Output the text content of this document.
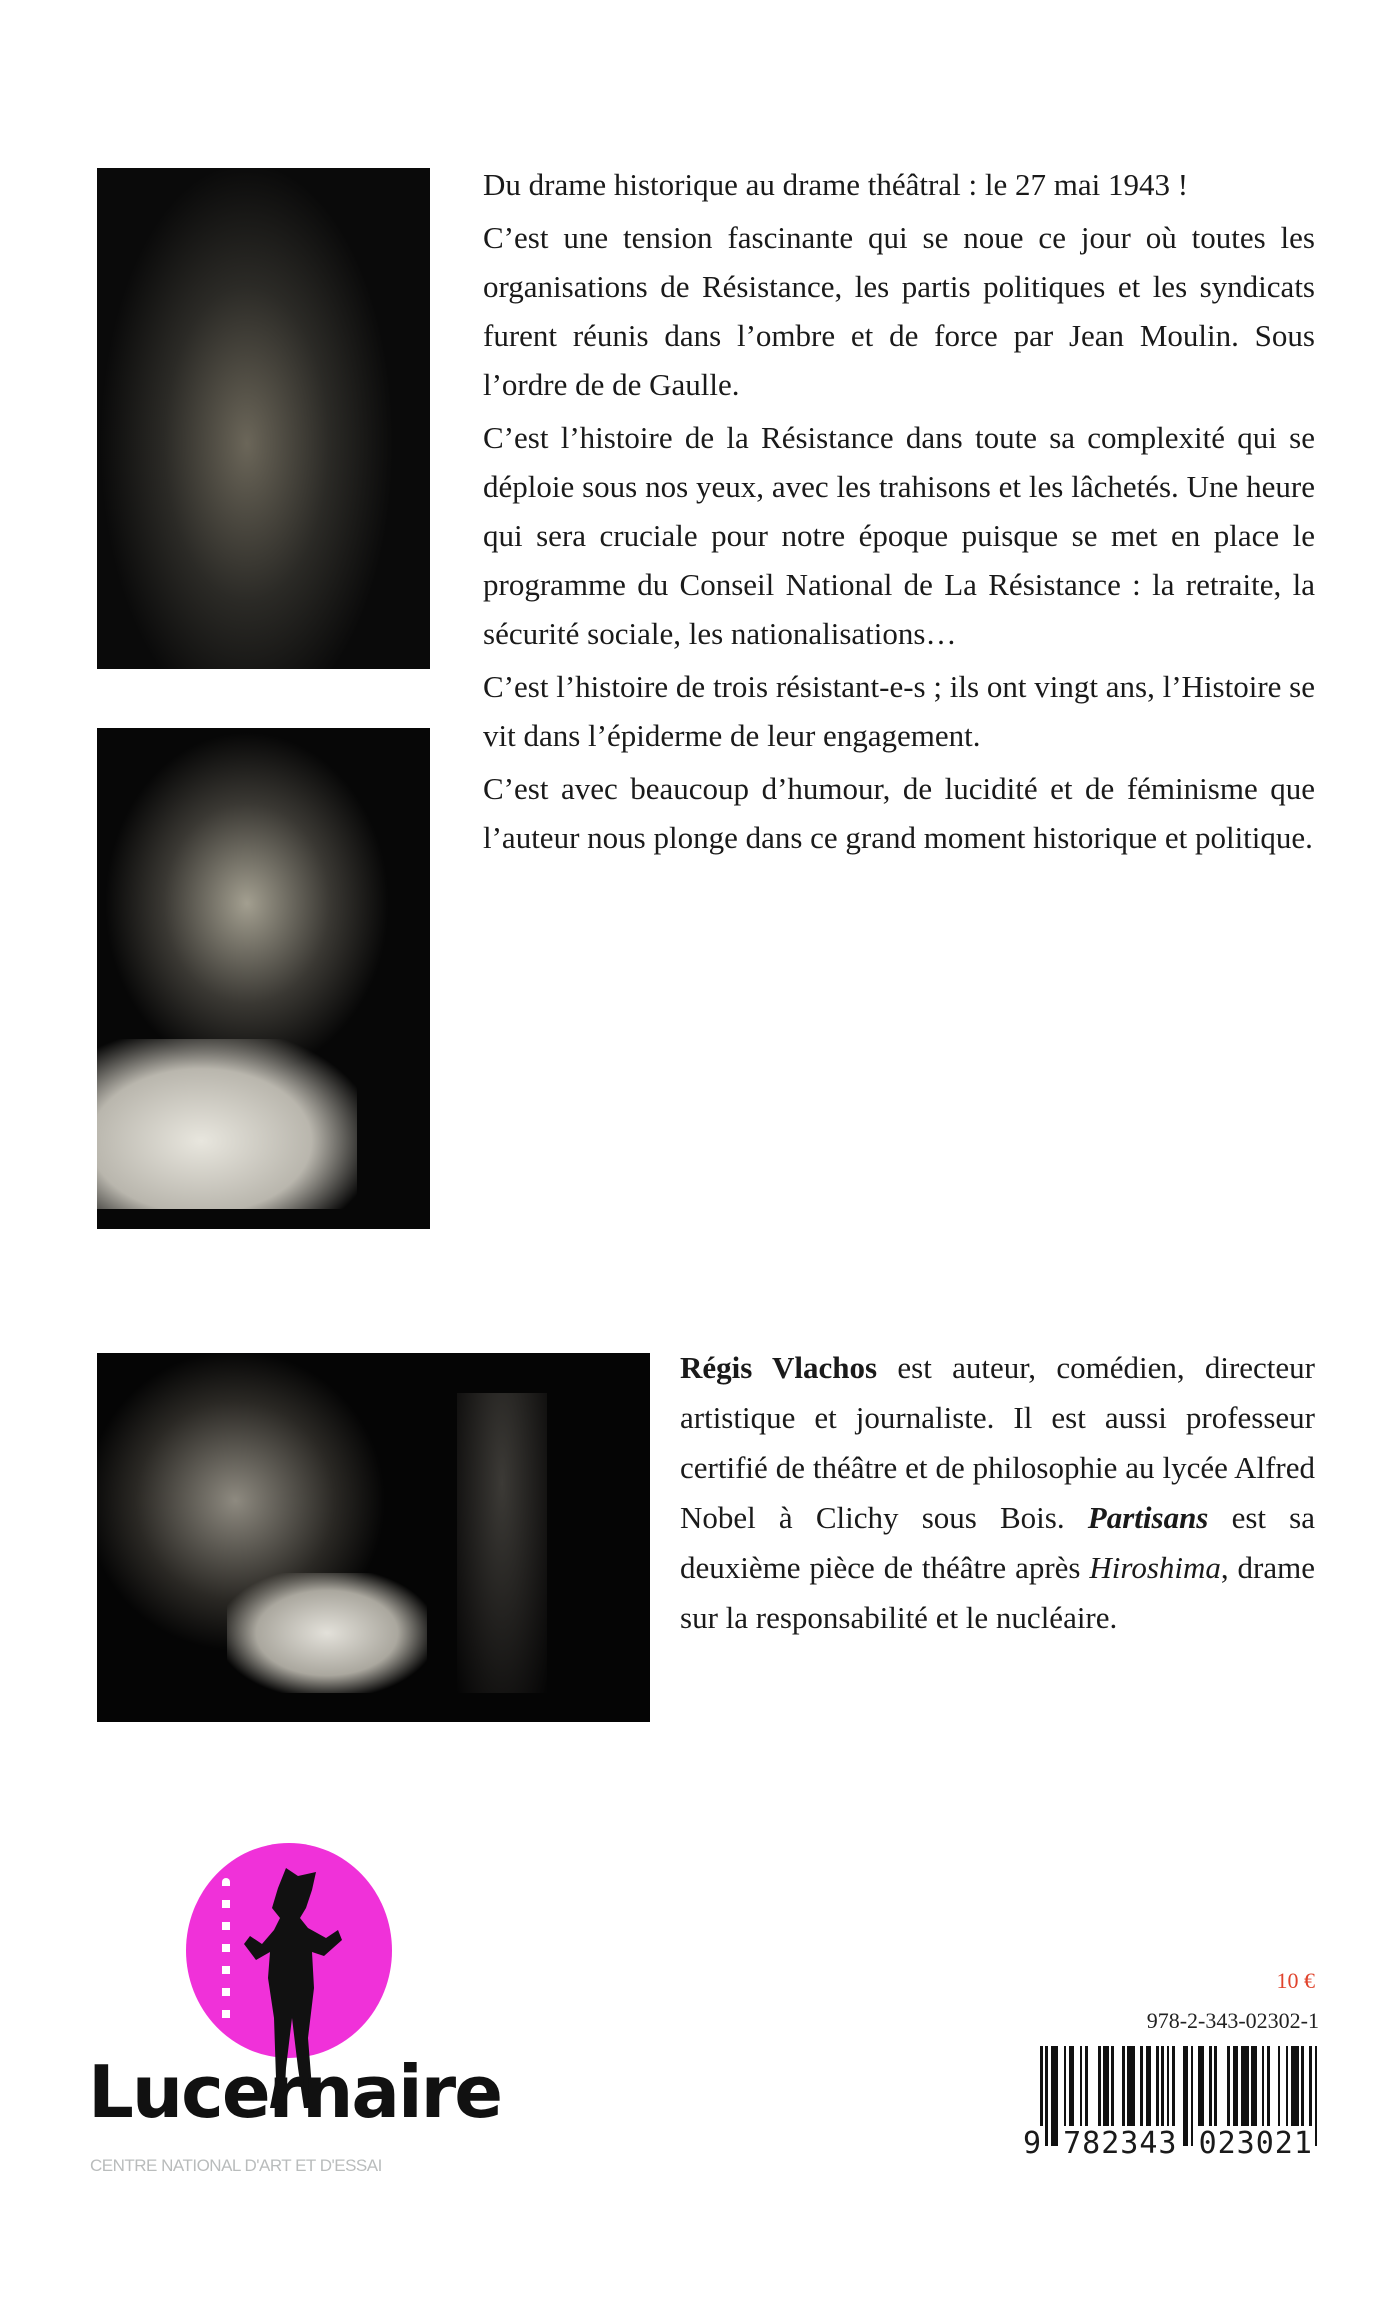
Du drame historique au drame théâtral : le 27 mai 1943 !

C’est une tension fascinante qui se noue ce jour où toutes les organisations de Résistance, les partis politiques et les syndicats furent réunis dans l’ombre et de force par Jean Moulin. Sous l’ordre de de Gaulle.

C’est l’histoire de la Résistance dans toute sa complexité qui se déploie sous nos yeux, avec les trahisons et les lâchetés. Une heure qui sera cruciale pour notre époque puisque se met en place le programme du Conseil National de La Résistance : la retraite, la sécurité sociale, les nationalisations…

C’est l’histoire de trois résistant-e-s ; ils ont vingt ans, l’Histoire se vit dans l’épiderme de leur engagement.

C’est avec beaucoup d’humour, de lucidité et de féminisme que l’auteur nous plonge dans ce grand moment historique et politique.

Régis Vlachos est auteur, comédien, directeur artistique et journaliste. Il est aussi professeur certifié de théâtre et de philosophie au lycée Alfred Nobel à Clichy sous Bois. Partisans est sa deuxième pièce de théâtre après Hiroshima, drame sur la responsabilité et le nucléaire.
Lucernaire
CENTRE NATIONAL D'ART ET D'ESSAI
10 €
978-2-343-02302-1
9 782343 023021
